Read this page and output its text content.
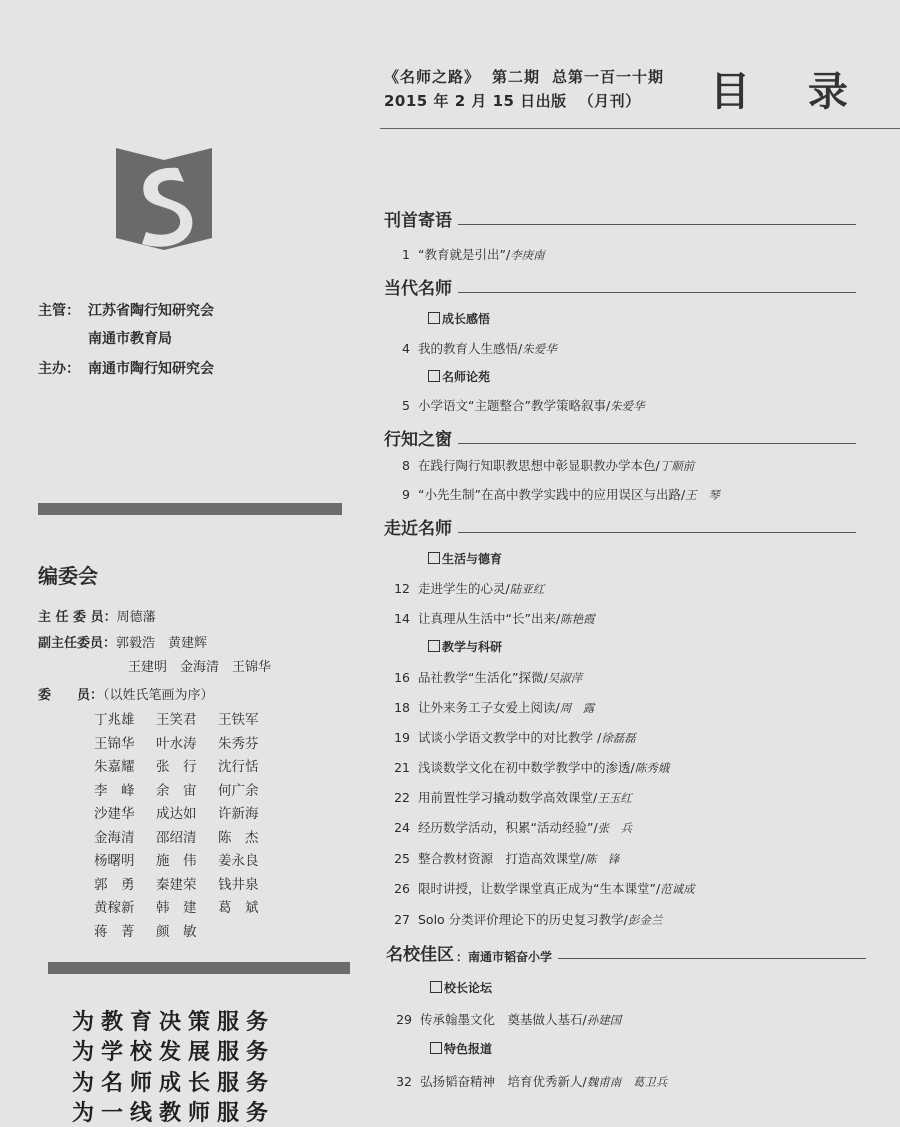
《名师之路》 第二期 总第一百一十期
2015 年 2 月 15 日出版 （月刊）	目 录
主管： 江苏省陶行知研究会
南通市教育局
主办： 南通市陶行知研究会
编委会
主 任 委 员：周德藩
副主任委员：郭毅浩　黄建辉
王建明　金海清　王锦华
委　　员：（以姓氏笔画为序）
丁兆雄 王笑君 王铁军
王锦华 叶水涛 朱秀芬
朱嘉耀 张　行 沈行恬
李　峰 余　宙 何广余
沙建华 成达如 许新海
金海清 邵绍清 陈　杰
杨曙明 施　伟 姜永良
郭　勇 秦建荣 钱井泉
黄稼新 韩　建 葛　斌
蒋　菁 颜　敏
为教育决策服务
为学校发展服务
为名师成长服务
为一线教师服务
刊首寄语
1 “教育就是引出”/李庚南
当代名师
成长感悟
4 我的教育人生感悟/朱爱华
名师论苑
5 小学语文“主题整合”教学策略叙事/朱爱华
行知之窗
8 在践行陶行知职教思想中彰显职教办学本色/丁顺前
9 “小先生制”在高中教学实践中的应用误区与出路/王　琴
走近名师
生活与德育
12 走进学生的心灵/陆亚红
14 让真理从生活中“长”出来/陈艳霞
教学与科研
16 品社教学“生活化”探微/吴淑萍
18 让外来务工子女爱上阅读/周　露
19 试谈小学语文教学中的对比教学 /徐磊磊
21 浅谈数学文化在初中数学教学中的渗透/陈秀娥
22 用前置性学习撬动数学高效课堂/王玉红
24 经历数学活动，积累“活动经验”/张　兵
25 整合教材资源　打造高效课堂/陈　锋
26 限时讲授，让数学课堂真正成为“生本课堂”/范诚成
27 Solo 分类评价理论下的历史复习教学/彭金兰
名校佳区 ：南通市韬奋小学
校长论坛
29 传承翰墨文化　奠基做人基石/孙建国
特色报道
32 弘扬韬奋精神　培育优秀新人/魏甫南　葛卫兵
